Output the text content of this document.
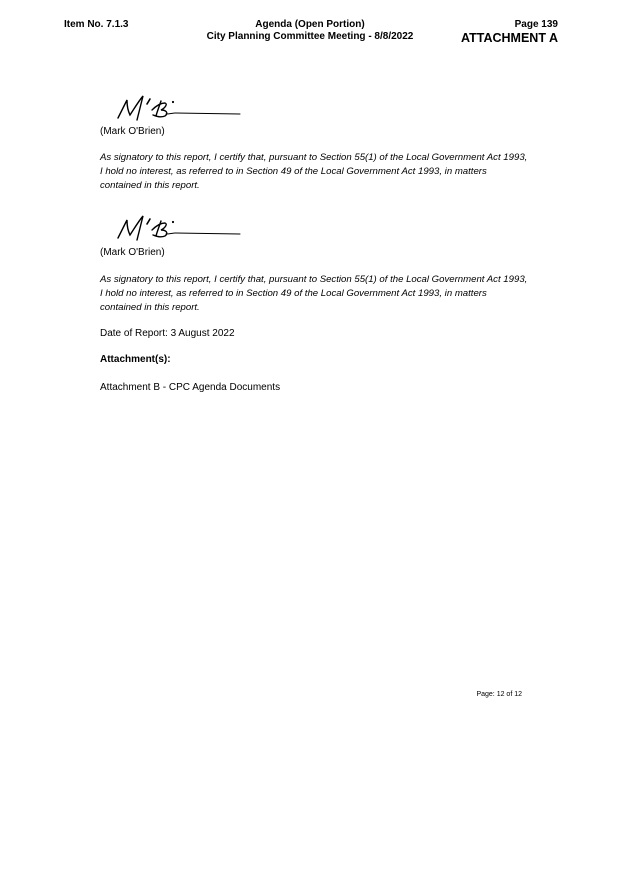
Item No. 7.1.3	Agenda (Open Portion)
City Planning Committee Meeting - 8/8/2022
Page 139
ATTACHMENT A
(Mark O'Brien)
As signatory to this report, I certify that, pursuant to Section 55(1) of the Local Government Act 1993, I hold no interest, as referred to in Section 49 of the Local Government Act 1993, in matters contained in this report.
(Mark O'Brien)
As signatory to this report, I certify that, pursuant to Section 55(1) of the Local Government Act 1993, I hold no interest, as referred to in Section 49 of the Local Government Act 1993, in matters contained in this report.
Date of Report: 3 August 2022
Attachment(s):
Attachment B - CPC Agenda Documents
Page: 12 of 12
